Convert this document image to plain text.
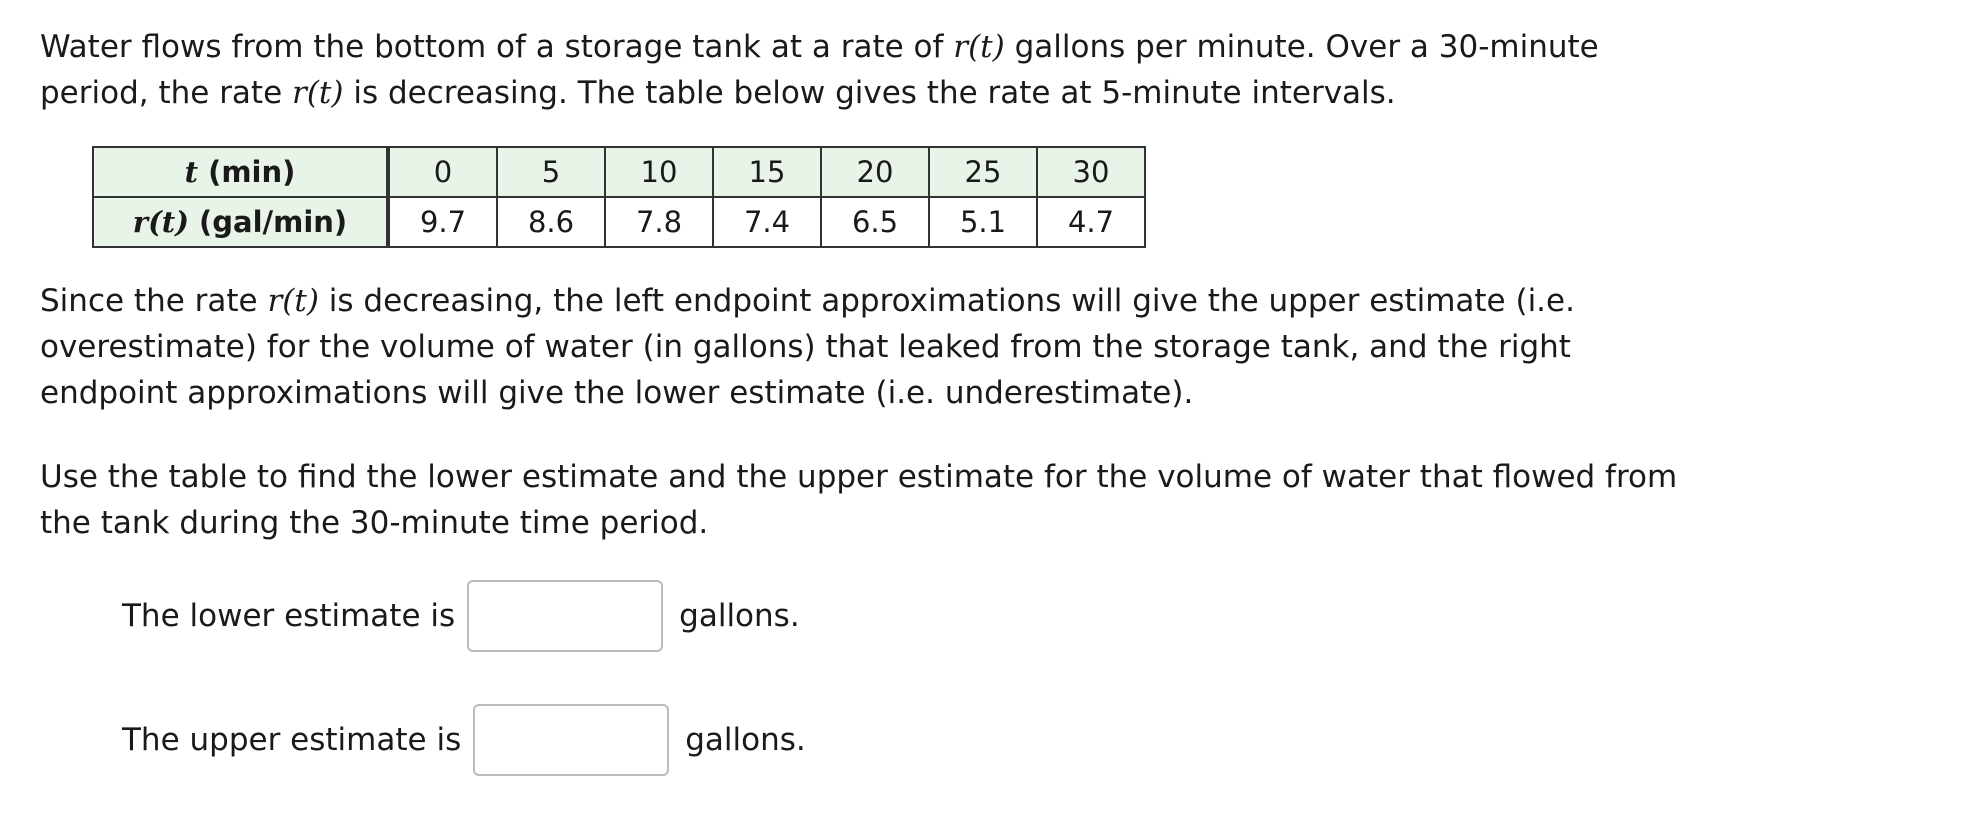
Water flows from the bottom of a storage tank at a rate of r(t) gallons per minute. Over a 30-minute
period, the rate r(t) is decreasing. The table below gives the rate at 5-minute intervals.
t (min)	0	5	10	15	20	25	30
r(t) (gal/min)	9.7	8.6	7.8	7.4	6.5	5.1	4.7
Since the rate r(t) is decreasing, the left endpoint approximations will give the upper estimate (i.e.
overestimate) for the volume of water (in gallons) that leaked from the storage tank, and the right
endpoint approximations will give the lower estimate (i.e. underestimate).
Use the table to find the lower estimate and the upper estimate for the volume of water that flowed from
the tank during the 30-minute time period.
The lower estimate is	gallons.
The upper estimate is	gallons.
